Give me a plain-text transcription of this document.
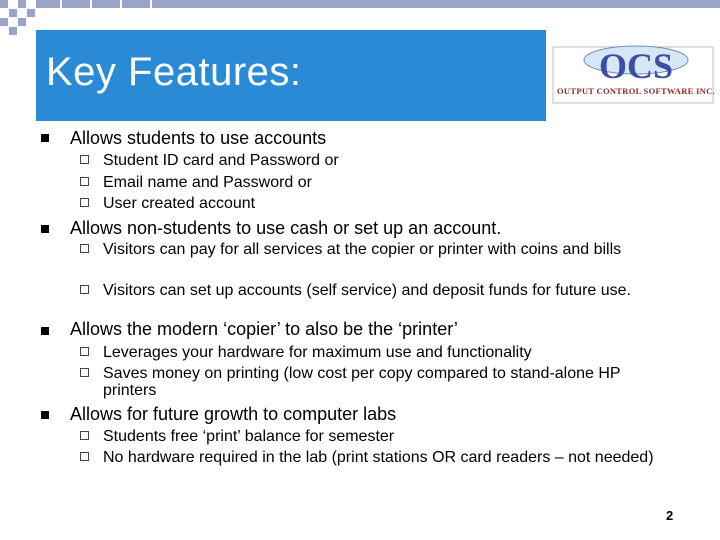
Key Features:	OCS
OUTPUT CONTROL SOFTWARE INC.
Allows students to use accounts
Student ID card and Password or
Email name and Password or
User created account
Allows non-students to use cash or set up an account.
Visitors can pay for all services at the copier or printer with coins and bills
Visitors can set up accounts (self service) and deposit funds for future use.
Allows the modern ‘copier’ to also be the ‘printer’
Leverages your hardware for maximum use and functionality
Saves money on printing (low cost per copy compared to stand-alone HP printers
Allows for future growth to computer labs
Students free ‘print’ balance for semester
No hardware required in the lab (print stations OR card readers – not needed)
2
